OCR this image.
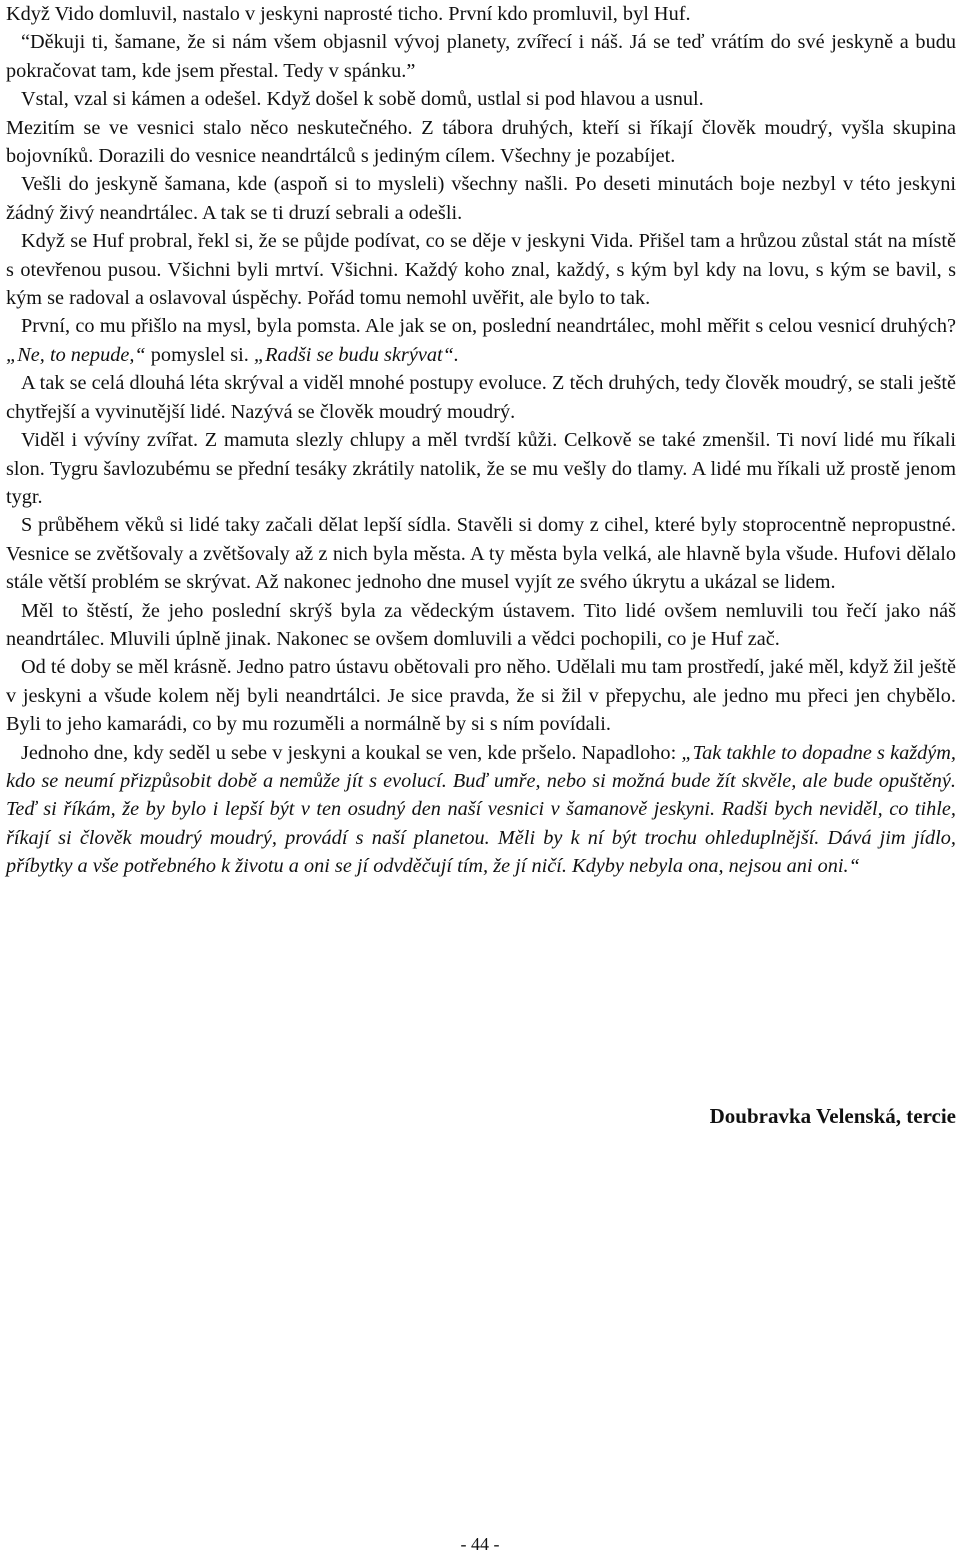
Když Vido domluvil, nastalo v jeskyni naprosté ticho. První kdo promluvil, byl Huf.

“Děkuji ti, šamane, že si nám všem objasnil vývoj planety, zvířecí i náš. Já se teď vrátím do své jeskyně a budu pokračovat tam, kde jsem přestal. Tedy v spánku.”

Vstal, vzal si kámen a odešel. Když došel k sobě domů, ustlal si pod hlavou a usnul.

Mezitím se ve vesnici stalo něco neskutečného. Z tábora druhých, kteří si říkají člověk moudrý, vyšla skupina bojovníků. Dorazili do vesnice neandrtálců s jediným cílem. Všechny je pozabíjet.

Vešli do jeskyně šamana, kde (aspoň si to mysleli) všechny našli. Po deseti minutách boje nezbyl v této jeskyni žádný živý neandrtálec. A tak se ti druzí sebrali a odešli.

Když se Huf probral, řekl si, že se půjde podívat, co se děje v jeskyni Vida. Přišel tam a hrůzou zůstal stát na místě s otevřenou pusou. Všichni byli mrtví. Všichni. Každý koho znal, každý, s kým byl kdy na lovu, s kým se bavil, s kým se radoval a oslavoval úspěchy. Pořád tomu nemohl uvěřit, ale bylo to tak.

První, co mu přišlo na mysl, byla pomsta. Ale jak se on, poslední neandrtálec, mohl měřit s celou vesnicí druhých? „Ne, to nepude,“ pomyslel si. „Radši se budu skrývat“.

A tak se celá dlouhá léta skrýval a viděl mnohé postupy evoluce. Z těch druhých, tedy člověk moudrý, se stali ještě chytřejší a vyvinutější lidé. Nazývá se člověk moudrý moudrý.

Viděl i vývíny zvířat. Z mamuta slezly chlupy a měl tvrdší kůži. Celkově se také zmenšil. Ti noví lidé mu říkali slon. Tygru šavlozubému se přední tesáky zkrátily natolik, že se mu vešly do tlamy. A lidé mu říkali už prostě jenom tygr.

S průběhem věků si lidé taky začali dělat lepší sídla. Stavěli si domy z cihel, které byly stoprocentně nepropustné. Vesnice se zvětšovaly a zvětšovaly až z nich byla města. A ty města byla velká, ale hlavně byla všude. Hufovi dělalo stále větší problém se skrývat. Až nakonec jednoho dne musel vyjít ze svého úkrytu a ukázal se lidem.

Měl to štěstí, že jeho poslední skrýš byla za vědeckým ústavem. Tito lidé ovšem nemluvili tou řečí jako náš neandrtálec. Mluvili úplně jinak. Nakonec se ovšem domluvili a vědci pochopili, co je Huf zač.

Od té doby se měl krásně. Jedno patro ústavu obětovali pro něho. Udělali mu tam prostředí, jaké měl, když žil ještě v jeskyni a všude kolem něj byli neandrtálci. Je sice pravda, že si žil v přepychu, ale jedno mu přeci jen chybělo. Byli to jeho kamarádi, co by mu rozuměli a normálně by si s ním povídali.

Jednoho dne, kdy seděl u sebe v jeskyni a koukal se ven, kde pršelo. Napadloho: „Tak takhle to dopadne s každým, kdo se neumí přizpůsobit době a nemůže jít s evolucí. Buď umře, nebo si možná bude žít skvěle, ale bude opuštěný. Teď si říkám, že by bylo i lepší být v ten osudný den naší vesnici v šamanově jeskyni. Radši bych neviděl, co tihle, říkají si člověk moudrý moudrý, provádí s naší planetou. Měli by k ní být trochu ohleduplnější. Dává jim jídlo, příbytky a vše potřebného k životu a oni se jí odvděčují tím, že jí ničí. Kdyby nebyla ona, nejsou ani oni.“

Doubravka Velenská, tercie
- 44 -
